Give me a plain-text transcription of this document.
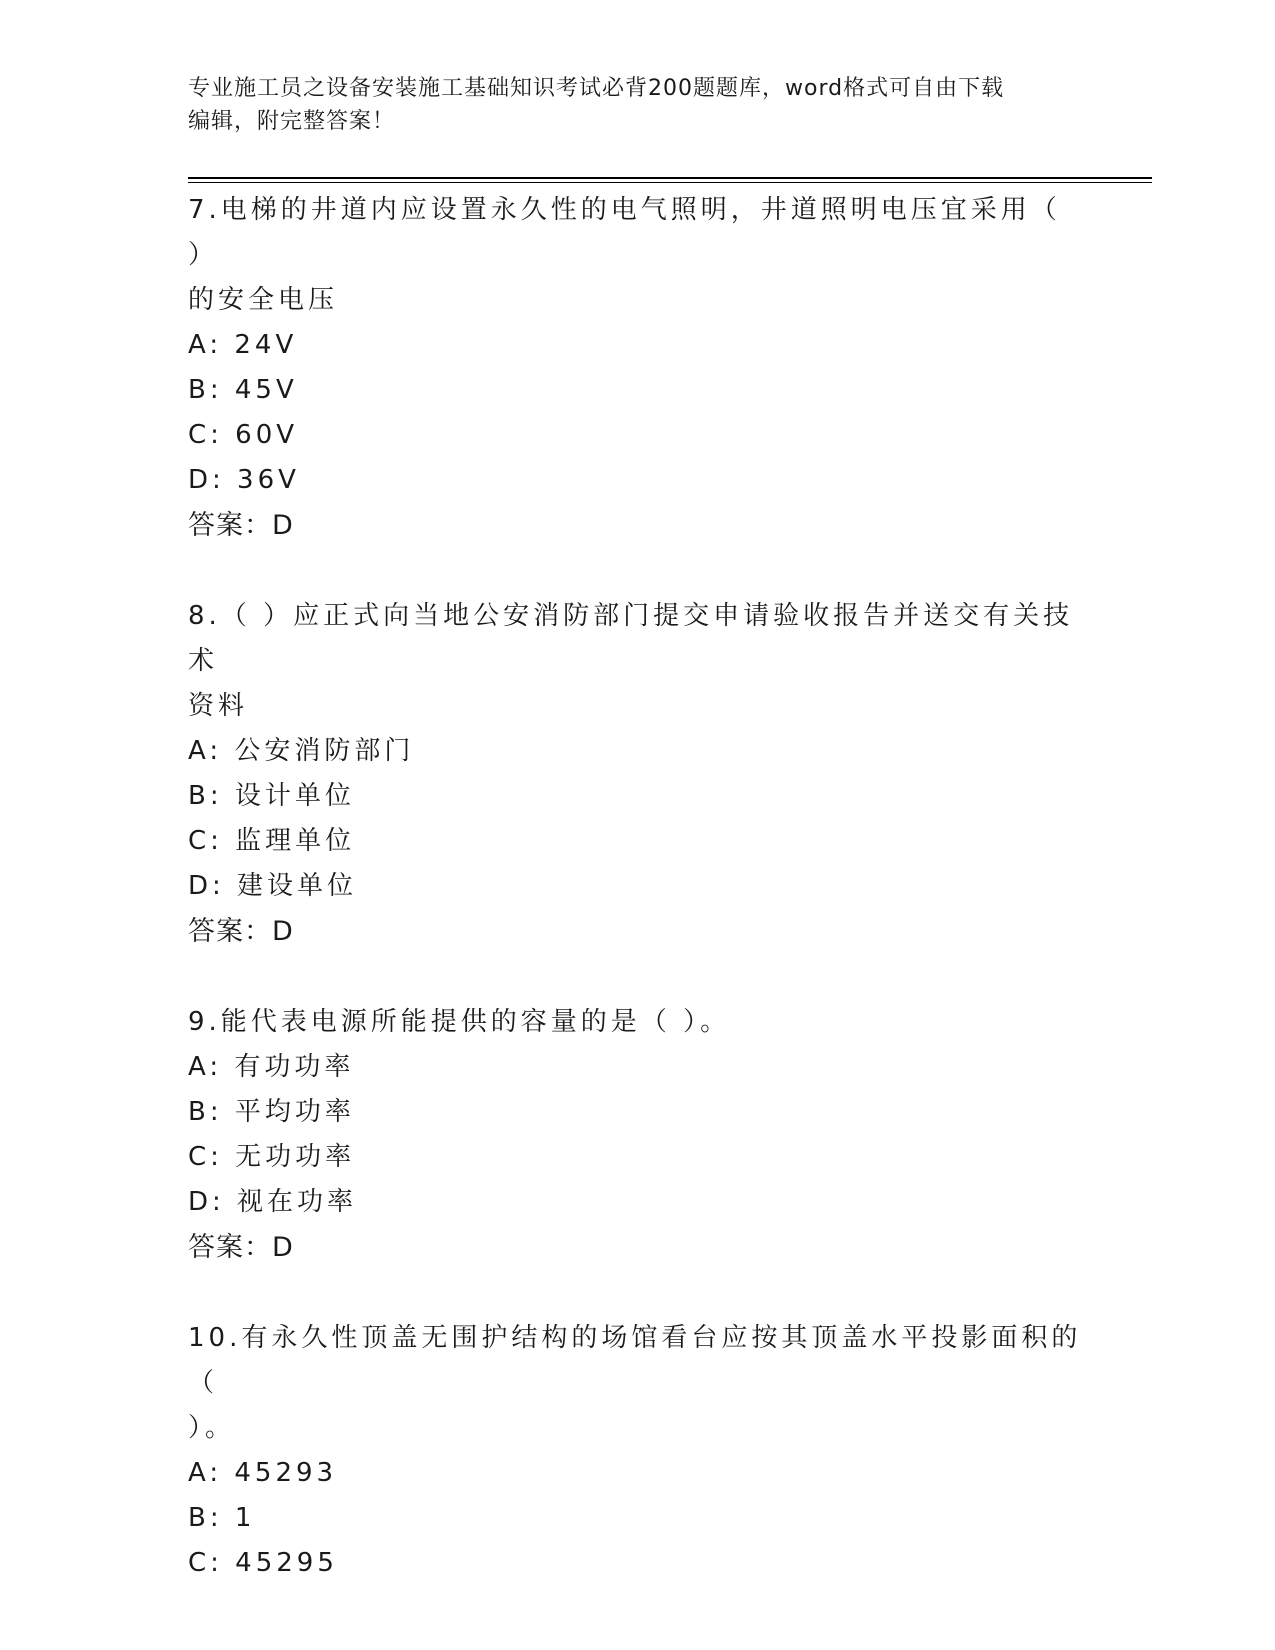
专业施工员之设备安装施工基础知识考试必背200题题库，word格式可自由下载
编辑，附完整答案！

7.电梯的井道内应设置永久性的电气照明，井道照明电压宜采用（ ）

的安全电压

A: 24V

B: 45V

C: 60V

D: 36V

答案：D

8.（ ）应正式向当地公安消防部门提交申请验收报告并送交有关技术

资料

A: 公安消防部门

B: 设计单位

C: 监理单位

D: 建设单位

答案：D

9.能代表电源所能提供的容量的是（ ）。

A: 有功功率

B: 平均功率

C: 无功功率

D: 视在功率

答案：D

10.有永久性顶盖无围护结构的场馆看台应按其顶盖水平投影面积的（

）。

A: 45293

B: 1

C: 45295
